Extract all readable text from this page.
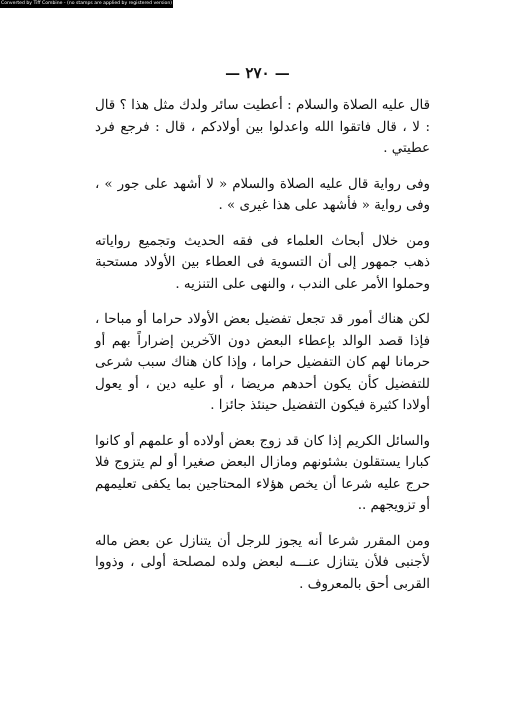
Converted by Tiff Combine - (no stamps are applied by registered version)
— ٢٧٠ —

قال عليه الصلاة والسلام : أعطيت سائر ولدك مثل هذا ؟ قال : لا ، قال فاتقوا الله واعدلوا بين أولادكم ، قال : فرجع فرد عطيتي .

وفى رواية قال عليه الصلاة والسلام « لا أشهد على جور » ، وفى رواية « فأشهد على هذا غيرى » .

ومن خلال أبحاث العلماء فى فقه الحديث وتجميع رواياته ذهب جمهور إلى أن التسوية فى العطاء بين الأولاد مستحبة وحملوا الأمر على الندب ، والنهى على التنزيه .

لكن هناك أمور قد تجعل تفضيل بعض الأولاد حراما أو مباحا ، فإذا قصد الوالد بإعطاء البعض دون الآخرين إضراراً بهم أو حرمانا لهم كان التفضيل حراما ، وإذا كان هناك سبب شرعى للتفضيل كأن يكون أحدهم مريضا ، أو عليه دين ، أو يعول أولادا كثيرة فيكون التفضيل حينئذ جائزا .

والسائل الكريم إذا كان قد زوج بعض أولاده أو علمهم أو كانوا كبارا يستقلون بشئونهم ومازال البعض صغيرا أو لم يتزوج فلا حرج عليه شرعا أن يخص هؤلاء المحتاجين بما يكفى تعليمهم أو تزويجهم ..

ومن المقرر شرعا أنه يجوز للرجل أن يتنازل عن بعض ماله لأجنبى فلأن يتنازل عنـــه لبعض ولده لمصلحة أولى ، وذووا القربى أحق بالمعروف .
